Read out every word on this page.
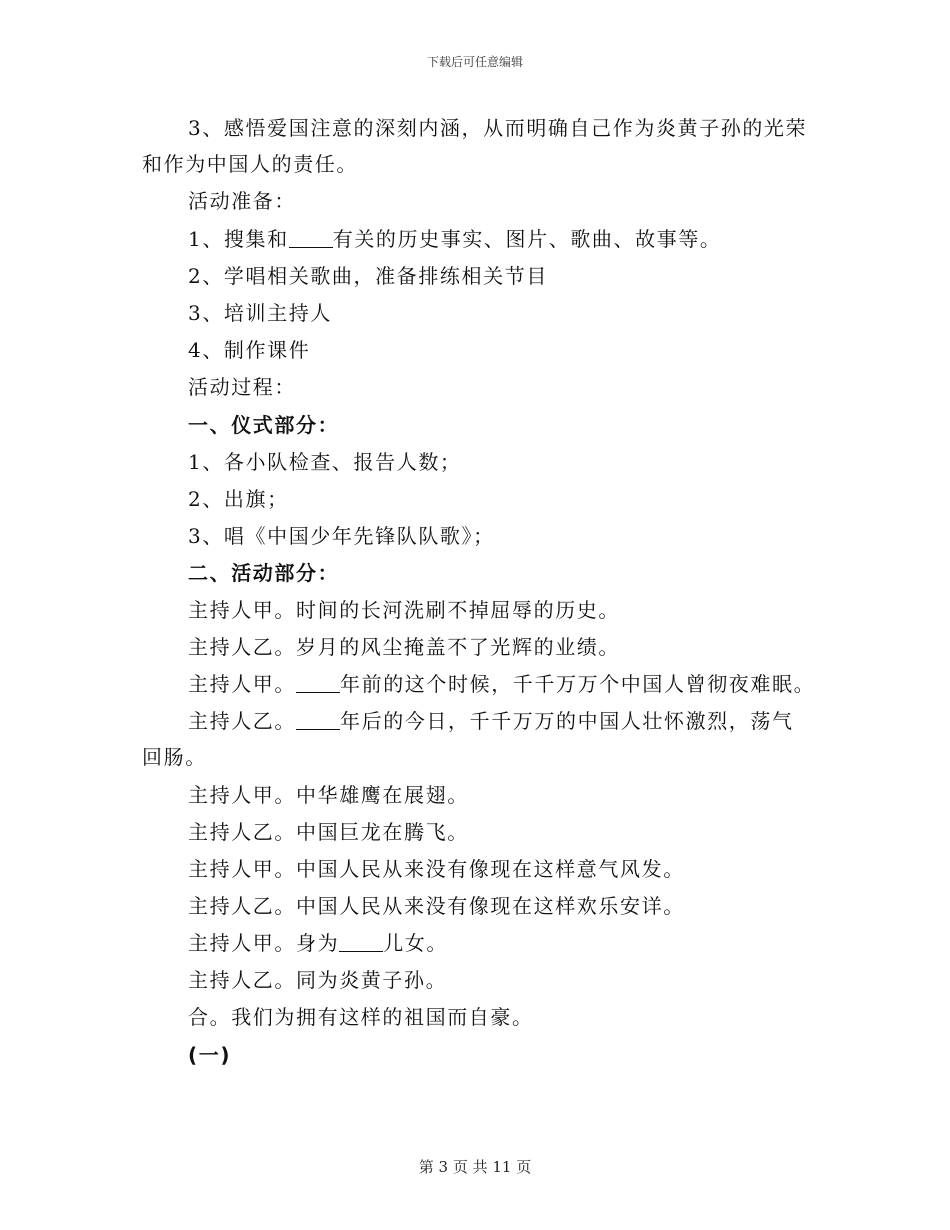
下载后可任意编辑
3、感悟爱国注意的深刻内涵，从而明确自己作为炎黄子孙的光荣
和作为中国人的责任。
活动准备：
1、搜集和 有关的历史事实、图片、歌曲、故事等。
2、学唱相关歌曲，准备排练相关节目
3、培训主持人
4、制作课件
活动过程：
一、仪式部分：
1、各小队检查、报告人数；
2、出旗；
3、唱《中国少年先锋队队歌》；
二、活动部分：
主持人甲。时间的长河洗刷不掉屈辱的历史。
主持人乙。岁月的风尘掩盖不了光辉的业绩。
主持人甲。 年前的这个时候，千千万万个中国人曾彻夜难眠。
主持人乙。 年后的今日，千千万万的中国人壮怀激烈，荡气
回肠。
主持人甲。中华雄鹰在展翅。
主持人乙。中国巨龙在腾飞。
主持人甲。中国人民从来没有像现在这样意气风发。
主持人乙。中国人民从来没有像现在这样欢乐安详。
主持人甲。身为 儿女。
主持人乙。同为炎黄子孙。
合。我们为拥有这样的祖国而自豪。
(一)
第 3 页 共 11 页
